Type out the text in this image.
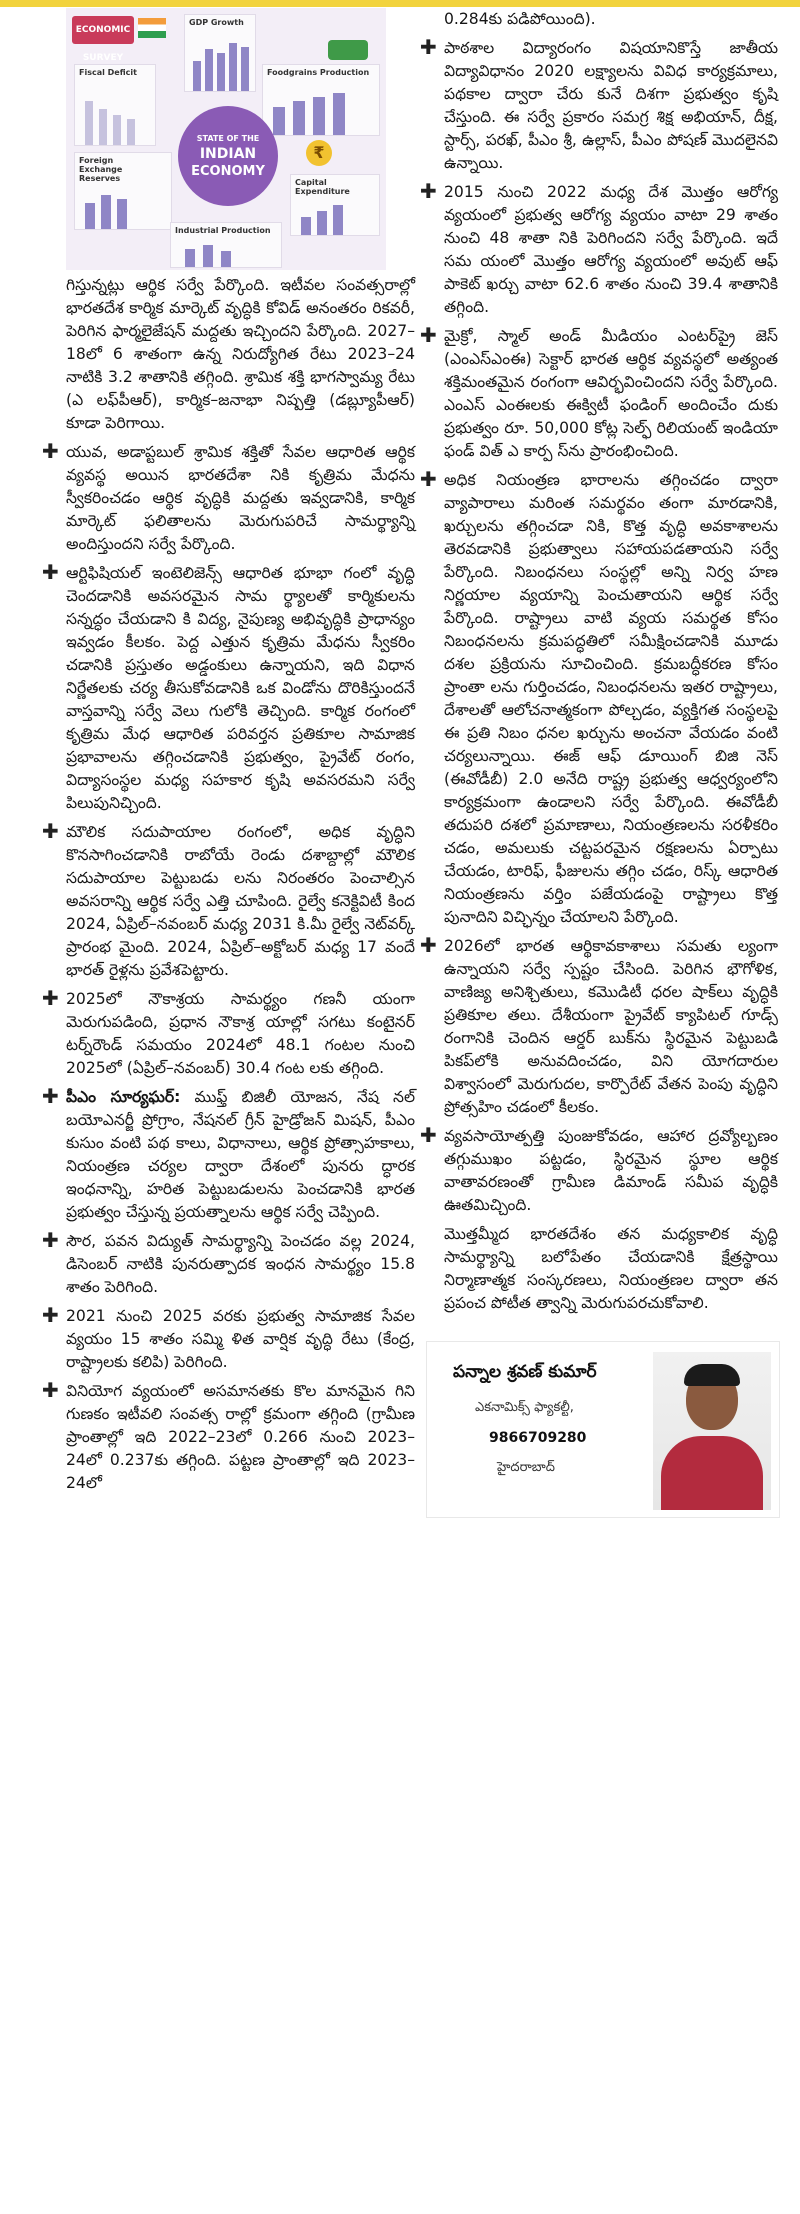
ECONOMIC SURVEY
GDP Growth
Fiscal Deficit	Foodgrains Production
Foreign Exchange Reserves	Capital Expenditure
Industrial Production
STATE OF THE
INDIAN
ECONOMY
₹

గిస్తున్నట్లు ఆర్థిక సర్వే పేర్కొంది. ఇటీవల సంవత్సరాల్లో భారతదేశ కార్మిక మార్కెట్ వృద్ధికి కోవిడ్ అనంతరం రికవరీ, పెరిగిన ఫార్మలైజేషన్ మద్దతు ఇచ్చిందని పేర్కొంది. 2027–18లో 6 శాతంగా ఉన్న నిరుద్యోగిత రేటు 2023–24 నాటికి 3.2 శాతానికి తగ్గింది. శ్రామిక శక్తి భాగస్వామ్య రేటు (ఎ లఫ్‌పీఆర్), కార్మిక–జనాభా నిష్పత్తి (డబ్ల్యూపీఆర్) కూడా పెరిగాయి.

✚ యువ, అడాప్టబుల్ శ్రామిక శక్తితో సేవల ఆధారిత ఆర్థిక వ్యవస్థ అయిన భారతదేశా నికి కృత్రిమ మేధను స్వీకరించడం ఆర్థిక వృద్ధికి మద్దతు ఇవ్వడానికి, కార్మిక మార్కెట్ ఫలితాలను మెరుగుపరిచే సామర్థ్యాన్ని అందిస్తుందని సర్వే పేర్కొంది.

✚ ఆర్టిఫిషియల్ ఇంటెలిజెన్స్ ఆధారిత భూభా గంలో వృద్ధి చెందడానికి అవసరమైన సామ ర్థ్యాలతో కార్మికులను సన్నద్ధం చేయడాని కి విద్య, నైపుణ్య అభివృద్ధికి ప్రాధాన్యం ఇవ్వడం కీలకం. పెద్ద ఎత్తున కృత్రిమ మేధను స్వీకరిం చడానికి ప్రస్తుతం అడ్డంకులు ఉన్నాయని, ఇది విధాన నిర్ణేతలకు చర్య తీసుకోవడానికి ఒక విండోను దొరికిస్తుందనే వాస్తవాన్ని సర్వే వెలు గులోకి తెచ్చింది. కార్మిక రంగంలో కృత్రిమ మేధ ఆధారిత పరివర్తన ప్రతికూల సామాజిక ప్రభావాలను తగ్గించడానికి ప్రభుత్వం, ప్రైవేట్ రంగం, విద్యాసంస్థల మధ్య సహకార కృషి అవసరమని సర్వే పిలుపునిచ్చింది.

✚ మౌలిక సదుపాయాల రంగంలో, అధిక వృద్ధిని కొనసాగించడానికి రాబోయే రెండు దశాబ్దాల్లో మౌలిక సదుపాయాల పెట్టుబడు లను నిరంతరం పెంచాల్సిన అవసరాన్ని ఆర్థిక సర్వే ఎత్తి చూపింది. రైల్వే కనెక్టివిటీ కింద 2024, ఏప్రిల్–నవంబర్ మధ్య 2031 కి.మీ రైల్వే నెట్‌వర్క్ ప్రారంభ మైంది. 2024, ఏప్రిల్–అక్టోబర్ మధ్య 17 వందే భారత్ రైళ్లను ప్రవేశపెట్టారు.

✚ 2025లో నౌకాశ్రయ సామర్థ్యం గణనీ యంగా మెరుగుపడింది, ప్రధాన నౌకాశ్ర యాల్లో సగటు కంటైనర్ టర్న్‌రౌండ్ సమయం 2024లో 48.1 గంటల నుంచి 2025లో (ఏప్రిల్–నవంబర్) 30.4 గంట లకు తగ్గింది.

✚ పీఎం సూర్యఘర్: ముఫ్త్ బిజిలీ యోజన, నేష నల్ బయోఎనర్జీ ప్రోగ్రాం, నేషనల్ గ్రీన్ హైడ్రోజన్ మిషన్, పీఎం కుసుం వంటి పథ కాలు, విధానాలు, ఆర్థిక ప్రోత్సాహకాలు, నియంత్రణ చర్యల ద్వారా దేశంలో పునరు ద్ధారక ఇంధనాన్ని, హరిత పెట్టుబడులను పెంచడానికి భారత ప్రభుత్వం చేస్తున్న ప్రయత్నాలను ఆర్థిక సర్వే చెప్పింది.

✚ సౌర, పవన విద్యుత్ సామర్థ్యాన్ని పెంచడం వల్ల 2024, డిసెంబర్ నాటికి పునరుత్పాదక ఇంధన సామర్థ్యం 15.8 శాతం పెరిగింది.

✚ 2021 నుంచి 2025 వరకు ప్రభుత్వ సామాజిక సేవల వ్యయం 15 శాతం సమ్మి ళిత వార్షిక వృద్ధి రేటు (కేంద్ర, రాష్ట్రాలకు కలిపి) పెరిగింది.

✚ వినియోగ వ్యయంలో అసమానతకు కొల మానమైన గిని గుణకం ఇటీవలి సంవత్స రాల్లో క్రమంగా తగ్గింది (గ్రామీణ ప్రాంతాల్లో ఇది 2022–23లో 0.266 నుంచి 2023–24లో 0.237కు తగ్గింది. పట్టణ ప్రాంతాల్లో ఇది 2023–24లో

0.284కు పడిపోయింది).

✚ పాఠశాల విద్యారంగం విషయానికొస్తే జాతీయ విద్యావిధానం 2020 లక్ష్యాలను వివిధ కార్యక్రమాలు, పథకాల ద్వారా చేరు కునే దిశగా ప్రభుత్వం కృషి చేస్తుంది. ఈ సర్వే ప్రకారం సమగ్ర శిక్ష అభియాన్, దీక్ష, స్టార్స్, పరఖ్, పీఎం శ్రీ, ఉల్లాస్, పీఎం పోషణ్ మొదలైనవి ఉన్నాయి.

✚ 2015 నుంచి 2022 మధ్య దేశ మొత్తం ఆరోగ్య వ్యయంలో ప్రభుత్వ ఆరోగ్య వ్యయం వాటా 29 శాతం నుంచి 48 శాతా నికి పెరిగిందని సర్వే పేర్కొంది. ఇదే సమ యంలో మొత్తం ఆరోగ్య వ్యయంలో అవుట్ ఆఫ్ పాకెట్ ఖర్చు వాటా 62.6 శాతం నుంచి 39.4 శాతానికి తగ్గింది.

✚ మైక్రో, స్మాల్ అండ్ మీడియం ఎంటర్‌ప్రై జెస్ (ఎంఎస్ఎంఈ) సెక్టార్ భారత ఆర్థిక వ్యవస్థలో అత్యంత శక్తిమంతమైన రంగంగా ఆవిర్భవించిందని సర్వే పేర్కొంది. ఎంఎస్ ఎంఈలకు ఈక్విటీ ఫండింగ్ అందించేం దుకు ప్రభుత్వం రూ. 50,000 కోట్ల సెల్ఫ్ రిలియంట్ ఇండియా ఫండ్ విత్ ఎ కార్ప స్‌ను ప్రారంభించింది.

✚ అధిక నియంత్రణ భారాలను తగ్గించడం ద్వారా వ్యాపారాలు మరింత సమర్థవం తంగా మారడానికి, ఖర్చులను తగ్గించడా నికి, కొత్త వృద్ధి అవకాశాలను తెరవడానికి ప్రభుత్వాలు సహాయపడతాయని సర్వే పేర్కొంది. నిబంధనలు సంస్థల్లో అన్ని నిర్వ హణ నిర్ణయాల వ్యయాన్ని పెంచుతాయని ఆర్థిక సర్వే పేర్కొంది. రాష్ట్రాలు వాటి వ్యయ సమర్థత కోసం నిబంధనలను క్రమపద్ధతిలో సమీక్షించడానికి మూడు దశల ప్రక్రియను సూచించింది. క్రమబద్ధీకరణ కోసం ప్రాంతా లను గుర్తించడం, నిబంధనలను ఇతర రాష్ట్రాలు, దేశాలతో ఆలోచనాత్మకంగా పోల్చడం, వ్యక్తిగత సంస్థలపై ఈ ప్రతి నిబం ధనల ఖర్చును అంచనా వేయడం వంటి చర్యలున్నాయి. ఈజ్ ఆఫ్ డూయింగ్ బిజి నెస్ (ఈవోడీబీ) 2.0 అనేది రాష్ట్ర ప్రభుత్వ ఆధ్వర్యంలోని కార్యక్రమంగా ఉండాలని సర్వే పేర్కొంది. ఈవోడీబీ తదుపరి దశలో ప్రమాణాలు, నియంత్రణలను సరళీకరిం చడం, అమలుకు చట్టపరమైన రక్షణలను ఏర్పాటు చేయడం, టారిఫ్, ఫీజులను తగ్గిం చడం, రిస్క్ ఆధారిత నియంత్రణను వర్తిం పజేయడంపై రాష్ట్రాలు కొత్త పునాదిని విచ్ఛిన్నం చేయాలని పేర్కొంది.

✚ 2026లో భారత ఆర్థికావకాశాలు సమతు ల్యంగా ఉన్నాయని సర్వే స్పష్టం చేసింది. పెరిగిన భౌగోళిక, వాణిజ్య అనిశ్చితులు, కమొడిటీ ధరల షాక్‌లు వృద్ధికి ప్రతికూల తలు. దేశీయంగా ప్రైవేట్ క్యాపిటల్ గూడ్స్ రంగానికి చెందిన ఆర్డర్ బుక్‌ను స్థిరమైన పెట్టుబడి పికప్‌లోకి అనువదించడం, విని యోగదారుల విశ్వాసంలో మెరుగుదల, కార్పొరేట్ వేతన పెంపు వృద్ధిని ప్రోత్సహిం చడంలో కీలకం.

✚ వ్యవసాయోత్పత్తి పుంజుకోవడం, ఆహార ద్రవ్యోల్బణం తగ్గుముఖం పట్టడం, స్థిరమైన స్థూల ఆర్థిక వాతావరణంతో గ్రామీణ డిమాండ్ సమీప వృద్ధికి ఊతమిచ్చింది.

మొత్తమ్మీద భారతదేశం తన మధ్యకాలిక వృద్ధి సామర్థ్యాన్ని బలోపేతం చేయడానికి క్షేత్రస్థాయి నిర్మాణాత్మక సంస్కరణలు, నియంత్రణల ద్వారా తన ప్రపంచ పోటీత త్వాన్ని మెరుగుపరచుకోవాలి.

పన్నాల శ్రవణ్ కుమార్
ఎకనామిక్స్ ఫ్యాకల్టీ,
9866709280
హైదరాబాద్
